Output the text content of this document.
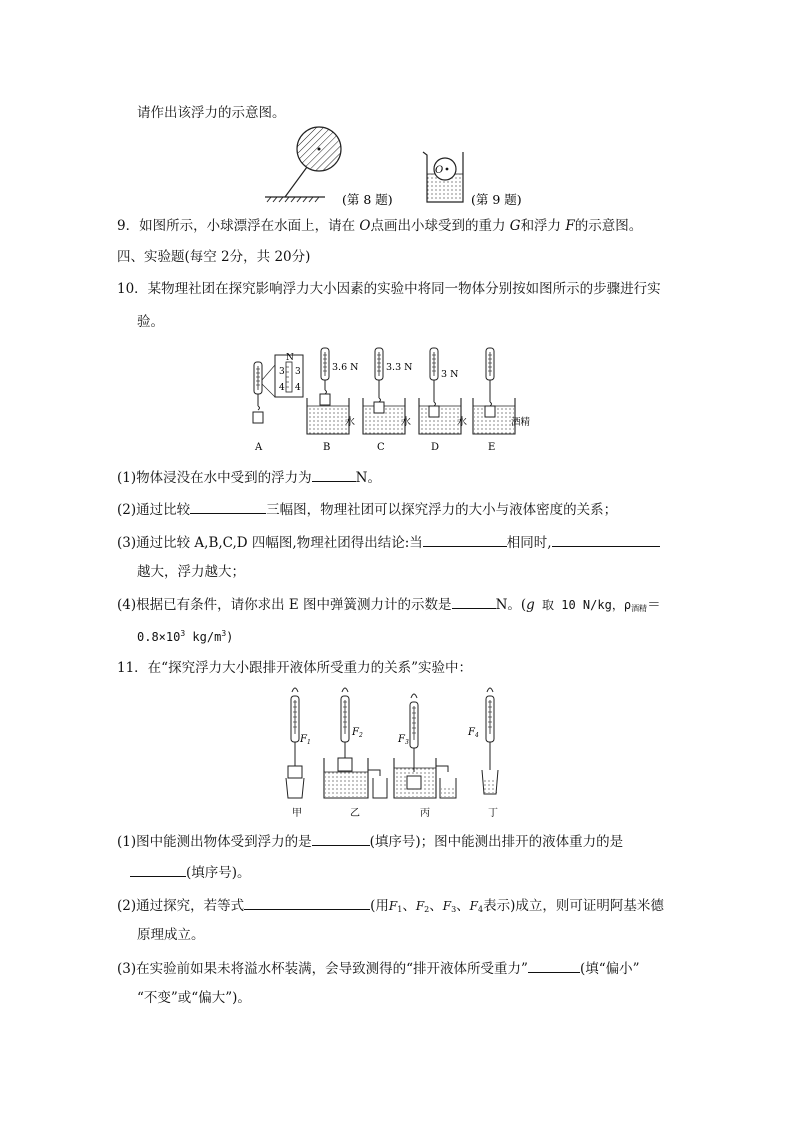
请作出该浮力的示意图。
(第 8 题)
O
(第 9 题)
9．如图所示，小球漂浮在水面上，请在 O点画出小球受到的重力 G和浮力 F的示意图。
四、实验题(每空 2分，共 20分)
10．某物理社团在探究影响浮力大小因素的实验中将同一物体分别按如图所示的步骤进行实
验。
N
3
4
3
4
A	B	C	D	E
3.6 N	3.3 N
3 N
水	水	水	酒精
(1)物体浸没在水中受到的浮力为	N。
(2)通过比较	三幅图，物理社团可以探究浮力的大小与液体密度的关系；
(3)通过比较 A,B,C,D 四幅图,物理社团得出结论:当	相同时,
越大，浮力越大；
(4)根据已有条件，请你求出 E 图中弹簧测力计的示数是	N。(g 取 10 N/kg，$\rho_{酒精}=$
$0.8\times 10^3$ $kg/m^3$)
11．在“探究浮力大小跟排开液体所受重力的关系”实验中：
甲	乙	丙	丁
$F_1$
$F_2$	$F_3$
$F_4$
(1)图中能测出物体受到浮力的是	(填序号)；图中能测出排开的液体重力的是
(填序号)。
(2)通过探究，若等式	(用$F_1$、$F_2$、$F_3$、$F_4$表示)成立，则可证明阿基米德
原理成立。
(3)在实验前如果未将溢水杯装满，会导致测得的“排开液体所受重力”	(填“偏小”
“不变”或“偏大”)。
